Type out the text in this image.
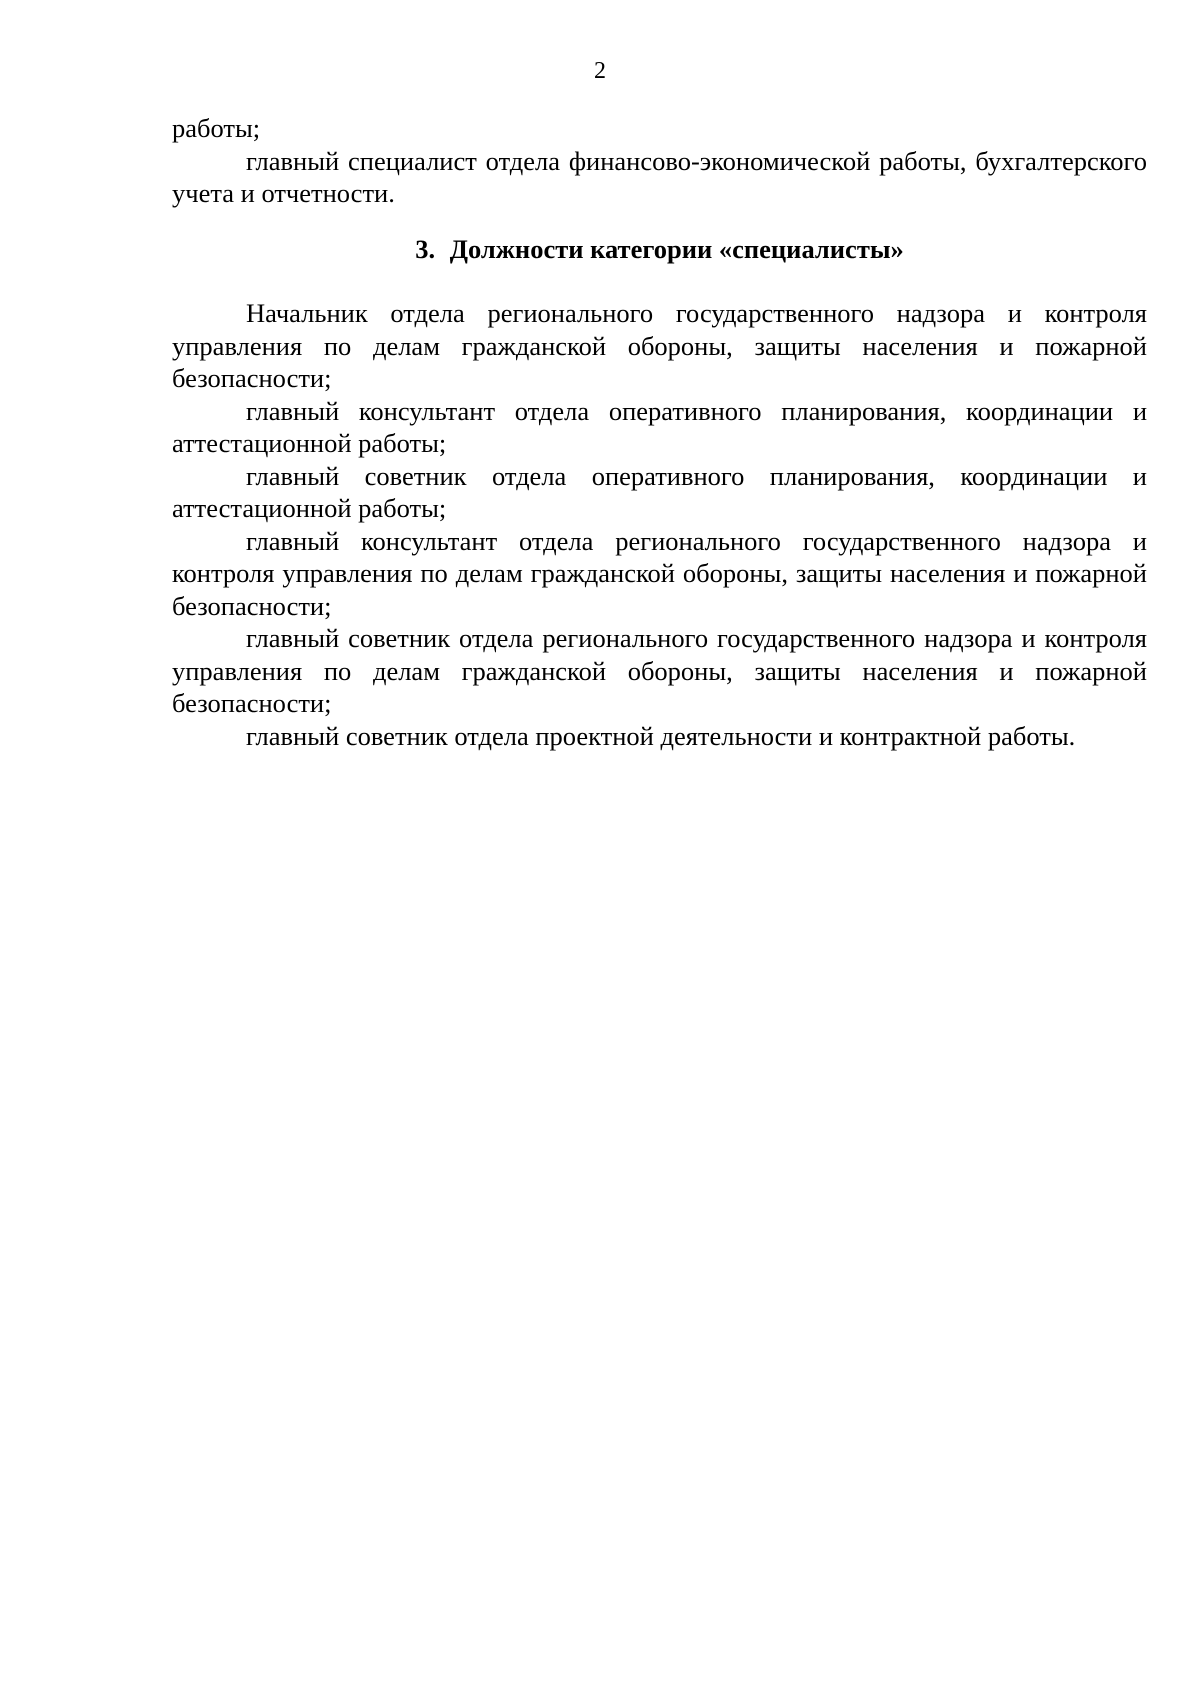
2

работы;

главный специалист отдела финансово-экономической работы, бухгалтерского учета и отчетности.

3. Должности категории «специалисты»

Начальник отдела регионального государственного надзора и контроля управления по делам гражданской обороны, защиты населения и пожарной безопасности;

главный консультант отдела оперативного планирования, координации и аттестационной работы;

главный советник отдела оперативного планирования, координации и аттестационной работы;

главный консультант отдела регионального государственного надзора и контроля управления по делам гражданской обороны, защиты населения и пожарной безопасности;

главный советник отдела регионального государственного надзора и контроля управления по делам гражданской обороны, защиты населения и пожарной безопасности;

главный советник отдела проектной деятельности и контрактной работы.
